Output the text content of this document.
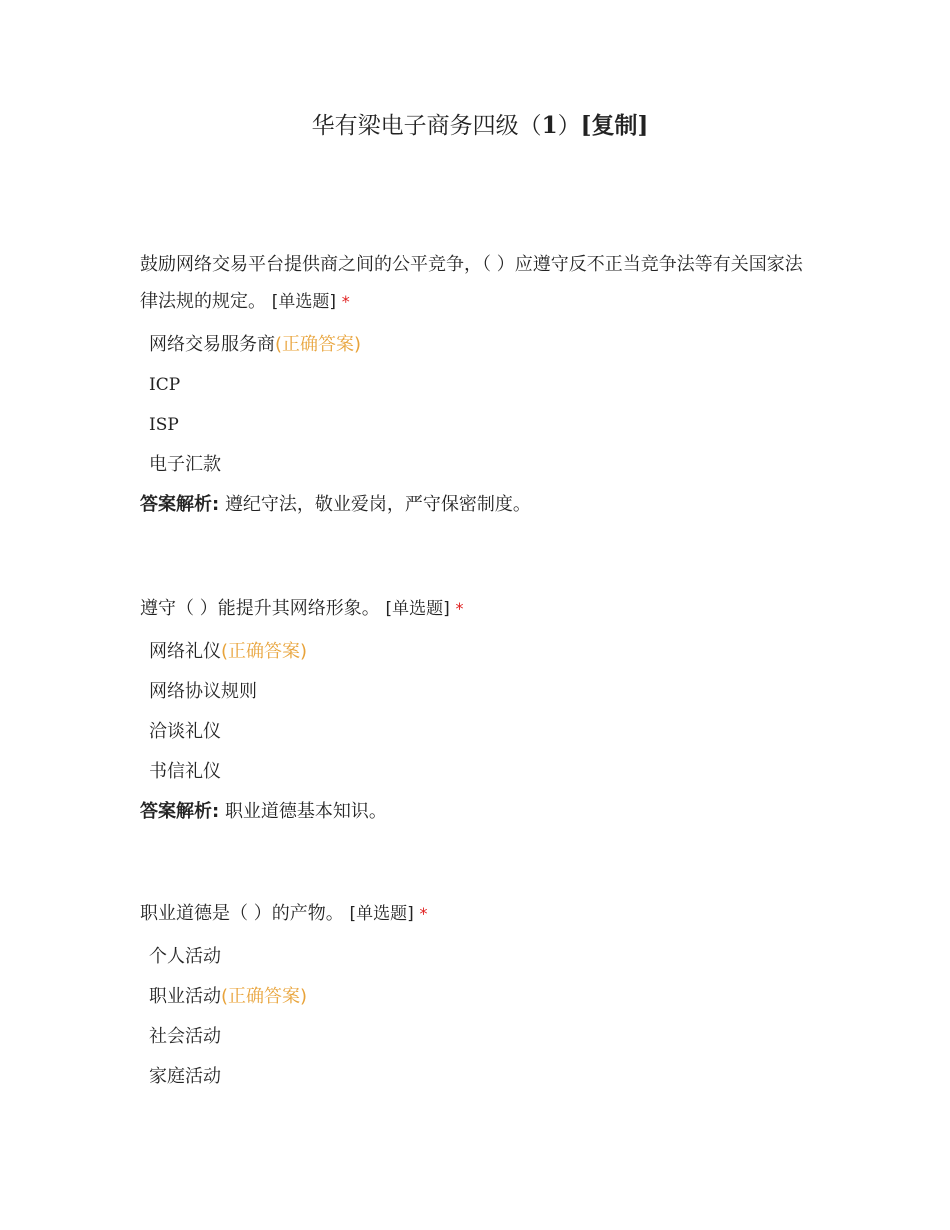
华有梁电子商务四级（1）[复制]

鼓励网络交易平台提供商之间的公平竞争，（ ）应遵守反不正当竞争法等有关国家法律法规的规定。 [单选题] *

网络交易服务商(正确答案)
ICP
ISP
电子汇款

答案解析: 遵纪守法，敬业爱岗，严守保密制度。

遵守（ ）能提升其网络形象。 [单选题] *

网络礼仪(正确答案)
网络协议规则
洽谈礼仪
书信礼仪

答案解析: 职业道德基本知识。

职业道德是（ ）的产物。 [单选题] *

个人活动
职业活动(正确答案)
社会活动
家庭活动
